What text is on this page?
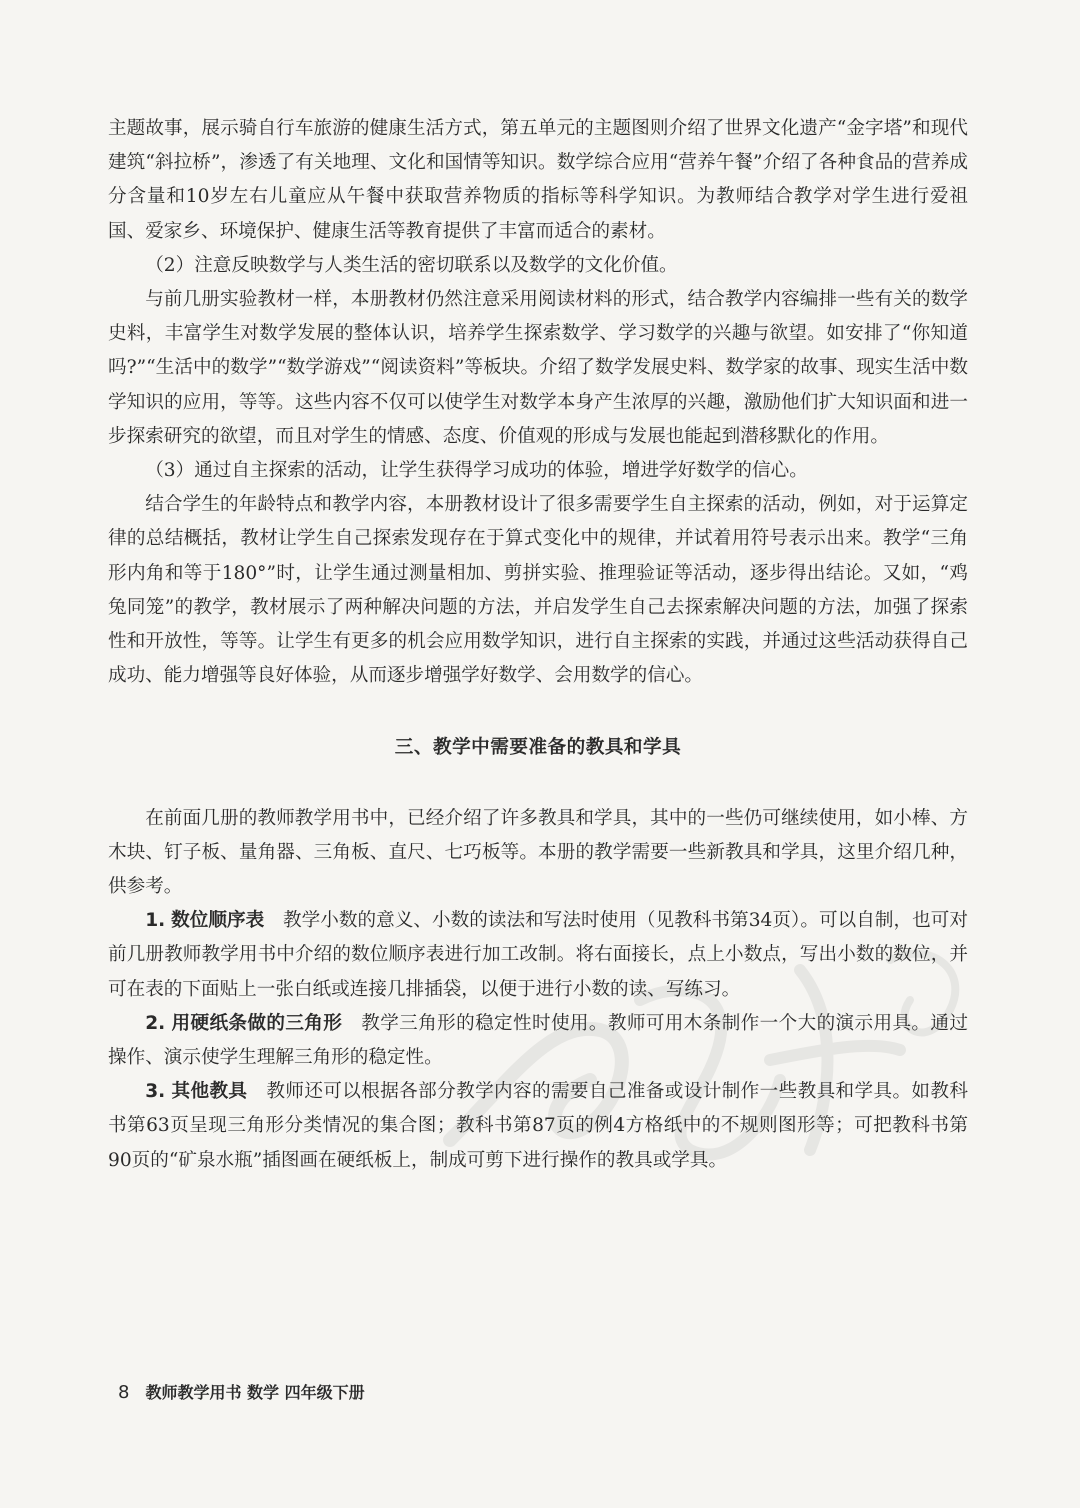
主题故事，展示骑自行车旅游的健康生活方式，第五单元的主题图则介绍了世界文化遗产“金字塔”和现代建筑“斜拉桥”，渗透了有关地理、文化和国情等知识。数学综合应用“营养午餐”介绍了各种食品的营养成分含量和10岁左右儿童应从午餐中获取营养物质的指标等科学知识。为教师结合教学对学生进行爱祖国、爱家乡、环境保护、健康生活等教育提供了丰富而适合的素材。

（2）注意反映数学与人类生活的密切联系以及数学的文化价值。

与前几册实验教材一样，本册教材仍然注意采用阅读材料的形式，结合教学内容编排一些有关的数学史料，丰富学生对数学发展的整体认识，培养学生探索数学、学习数学的兴趣与欲望。如安排了“你知道吗?”“生活中的数学”“数学游戏”“阅读资料”等板块。介绍了数学发展史料、数学家的故事、现实生活中数学知识的应用，等等。这些内容不仅可以使学生对数学本身产生浓厚的兴趣，激励他们扩大知识面和进一步探索研究的欲望，而且对学生的情感、态度、价值观的形成与发展也能起到潜移默化的作用。

（3）通过自主探索的活动，让学生获得学习成功的体验，增进学好数学的信心。

结合学生的年龄特点和教学内容，本册教材设计了很多需要学生自主探索的活动，例如，对于运算定律的总结概括，教材让学生自己探索发现存在于算式变化中的规律，并试着用符号表示出来。教学“三角形内角和等于180°”时，让学生通过测量相加、剪拼实验、推理验证等活动，逐步得出结论。又如，“鸡兔同笼”的教学，教材展示了两种解决问题的方法，并启发学生自己去探索解决问题的方法，加强了探索性和开放性，等等。让学生有更多的机会应用数学知识，进行自主探索的实践，并通过这些活动获得自己成功、能力增强等良好体验，从而逐步增强学好数学、会用数学的信心。

三、教学中需要准备的教具和学具

在前面几册的教师教学用书中，已经介绍了许多教具和学具，其中的一些仍可继续使用，如小棒、方木块、钉子板、量角器、三角板、直尺、七巧板等。本册的教学需要一些新教具和学具，这里介绍几种，供参考。

1. 数位顺序表　 教学小数的意义、小数的读法和写法时使用（见教科书第34页）。可以自制，也可对前几册教师教学用书中介绍的数位顺序表进行加工改制。将右面接长，点上小数点，写出小数的数位，并可在表的下面贴上一张白纸或连接几排插袋，以便于进行小数的读、写练习。

2. 用硬纸条做的三角形　 教学三角形的稳定性时使用。教师可用木条制作一个大的演示用具。通过操作、演示使学生理解三角形的稳定性。

3. 其他教具　 教师还可以根据各部分教学内容的需要自己准备或设计制作一些教具和学具。如教科书第63页呈现三角形分类情况的集合图；教科书第87页的例4方格纸中的不规则图形等；可把教科书第90页的“矿泉水瓶”插图画在硬纸板上，制成可剪下进行操作的教具或学具。

8 教师教学用书 数学 四年级下册
